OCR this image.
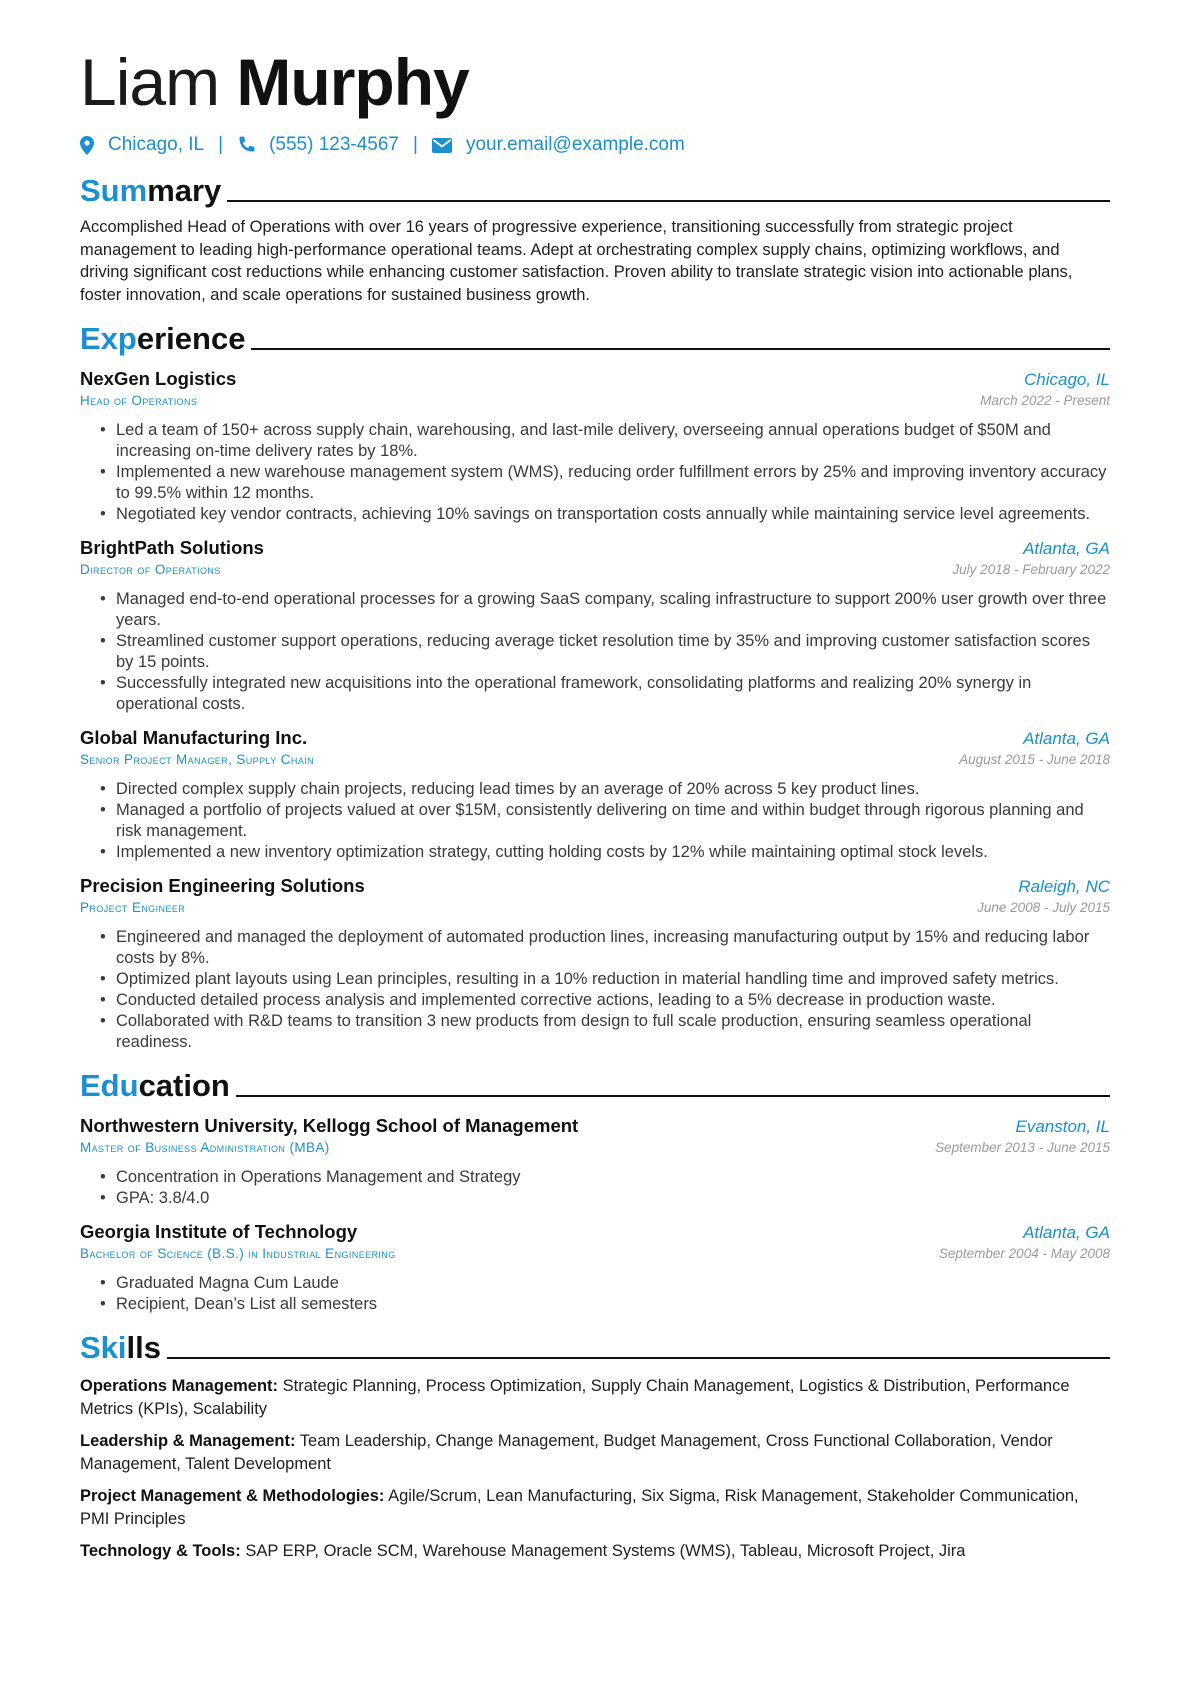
Liam Murphy
Chicago, IL | (555) 123-4567 |	your.email@example.com
Summary

Accomplished Head of Operations with over 16 years of progressive experience, transitioning successfully from strategic project management to leading high-performance operational teams. Adept at orchestrating complex supply chains, optimizing workflows, and driving significant cost reductions while enhancing customer satisfaction. Proven ability to translate strategic vision into actionable plans, foster innovation, and scale operations for sustained business growth.

Experience
NexGen Logistics	Chicago, IL
Head of Operations	March 2022 - Present
• Led a team of 150+ across supply chain, warehousing, and last-mile delivery, overseeing annual operations budget of $50M and increasing on-time delivery rates by 18%.
• Implemented a new warehouse management system (WMS), reducing order fulfillment errors by 25% and improving inventory accuracy to 99.5% within 12 months.
• Negotiated key vendor contracts, achieving 10% savings on transportation costs annually while maintaining service level agreements.
BrightPath Solutions	Atlanta, GA
Director of Operations	July 2018 - February 2022
• Managed end-to-end operational processes for a growing SaaS company, scaling infrastructure to support 200% user growth over three years.
• Streamlined customer support operations, reducing average ticket resolution time by 35% and improving customer satisfaction scores by 15 points.
• Successfully integrated new acquisitions into the operational framework, consolidating platforms and realizing 20% synergy in operational costs.
Global Manufacturing Inc.	Atlanta, GA
Senior Project Manager, Supply Chain	August 2015 - June 2018
• Directed complex supply chain projects, reducing lead times by an average of 20% across 5 key product lines.
• Managed a portfolio of projects valued at over $15M, consistently delivering on time and within budget through rigorous planning and risk management.
• Implemented a new inventory optimization strategy, cutting holding costs by 12% while maintaining optimal stock levels.
Precision Engineering Solutions	Raleigh, NC
Project Engineer	June 2008 - July 2015
• Engineered and managed the deployment of automated production lines, increasing manufacturing output by 15% and reducing labor costs by 8%.
• Optimized plant layouts using Lean principles, resulting in a 10% reduction in material handling time and improved safety metrics.
• Conducted detailed process analysis and implemented corrective actions, leading to a 5% decrease in production waste.
• Collaborated with R&D teams to transition 3 new products from design to full scale production, ensuring seamless operational readiness.
Education
Northwestern University, Kellogg School of Management	Evanston, IL
Master of Business Administration (MBA)	September 2013 - June 2015
• Concentration in Operations Management and Strategy
• GPA: 3.8/4.0
Georgia Institute of Technology	Atlanta, GA
Bachelor of Science (B.S.) in Industrial Engineering	September 2004 - May 2008
• Graduated Magna Cum Laude
• Recipient, Dean’s List all semesters
Skills

Operations Management: Strategic Planning, Process Optimization, Supply Chain Management, Logistics & Distribution, Performance Metrics (KPIs), Scalability

Leadership & Management: Team Leadership, Change Management, Budget Management, Cross Functional Collaboration, Vendor Management, Talent Development

Project Management & Methodologies: Agile/Scrum, Lean Manufacturing, Six Sigma, Risk Management, Stakeholder Communication, PMI Principles

Technology & Tools: SAP ERP, Oracle SCM, Warehouse Management Systems (WMS), Tableau, Microsoft Project, Jira
